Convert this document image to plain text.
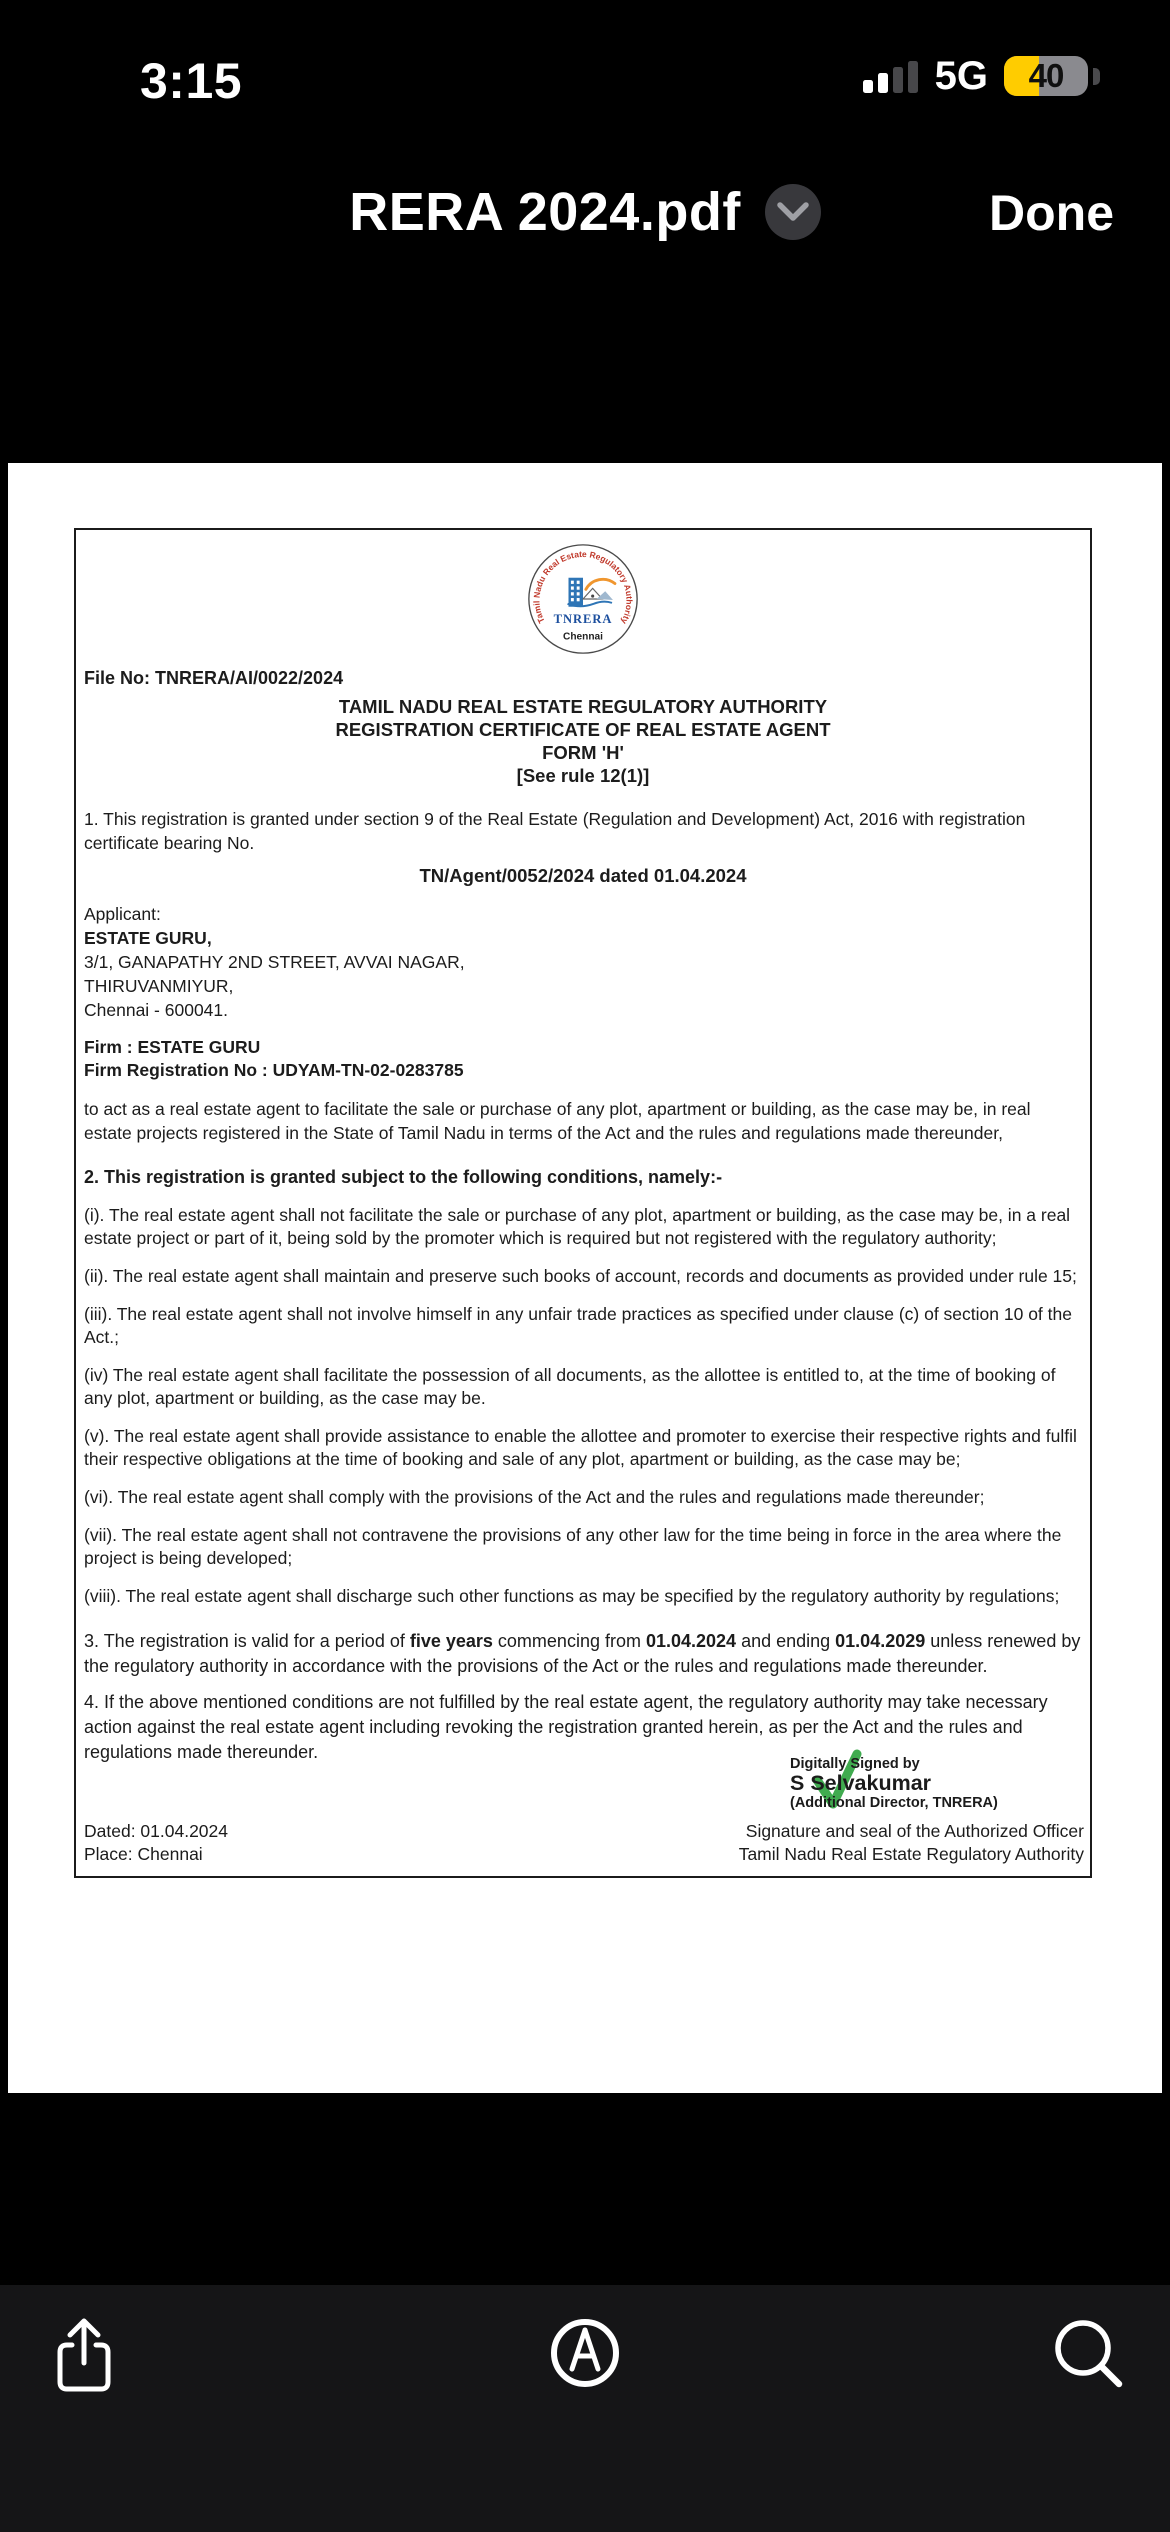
3:15	5G	40
RERA 2024.pdf	Done
Tamil Nadu Real Estate Regulatory Authority
TNRERA
Chennai
File No: TNRERA/AI/0022/2024
TAMIL NADU REAL ESTATE REGULATORY AUTHORITY
REGISTRATION CERTIFICATE OF REAL ESTATE AGENT
FORM 'H'
[See rule 12(1)]

1. This registration is granted under section 9 of the Real Estate (Regulation and Development) Act, 2016 with registration certificate bearing No.

TN/Agent/0052/2024 dated 01.04.2024
Applicant:
ESTATE GURU,
3/1, GANAPATHY 2ND STREET, AVVAI NAGAR,
THIRUVANMIYUR,
Chennai - 600041.
Firm : ESTATE GURU
Firm Registration No : UDYAM-TN-02-0283785

to act as a real estate agent to facilitate the sale or purchase of any plot, apartment or building, as the case may be, in real estate projects registered in the State of Tamil Nadu in terms of the Act and the rules and regulations made thereunder,

2. This registration is granted subject to the following conditions, namely:-

(i). The real estate agent shall not facilitate the sale or purchase of any plot, apartment or building, as the case may be, in a real estate project or part of it, being sold by the promoter which is required but not registered with the regulatory authority;

(ii). The real estate agent shall maintain and preserve such books of account, records and documents as provided under rule 15;

(iii). The real estate agent shall not involve himself in any unfair trade practices as specified under clause (c) of section 10 of the Act.;

(iv) The real estate agent shall facilitate the possession of all documents, as the allottee is entitled to, at the time of booking of any plot, apartment or building, as the case may be.

(v). The real estate agent shall provide assistance to enable the allottee and promoter to exercise their respective rights and fulfil their respective obligations at the time of booking and sale of any plot, apartment or building, as the case may be;

(vi). The real estate agent shall comply with the provisions of the Act and the rules and regulations made thereunder;

(vii). The real estate agent shall not contravene the provisions of any other law for the time being in force in the area where the project is being developed;

(viii). The real estate agent shall discharge such other functions as may be specified by the regulatory authority by regulations;

3. The registration is valid for a period of five years commencing from 01.04.2024 and ending 01.04.2029 unless renewed by the regulatory authority in accordance with the provisions of the Act or the rules and regulations made thereunder.

4. If the above mentioned conditions are not fulfilled by the real estate agent, the regulatory authority may take necessary action against the real estate agent including revoking the registration granted herein, as per the Act and the rules and regulations made thereunder.

Digitally Signed by
S Selvakumar
(Additional Director, TNRERA)
Dated: 01.04.2024
Place: Chennai
Signature and seal of the Authorized Officer
Tamil Nadu Real Estate Regulatory Authority
